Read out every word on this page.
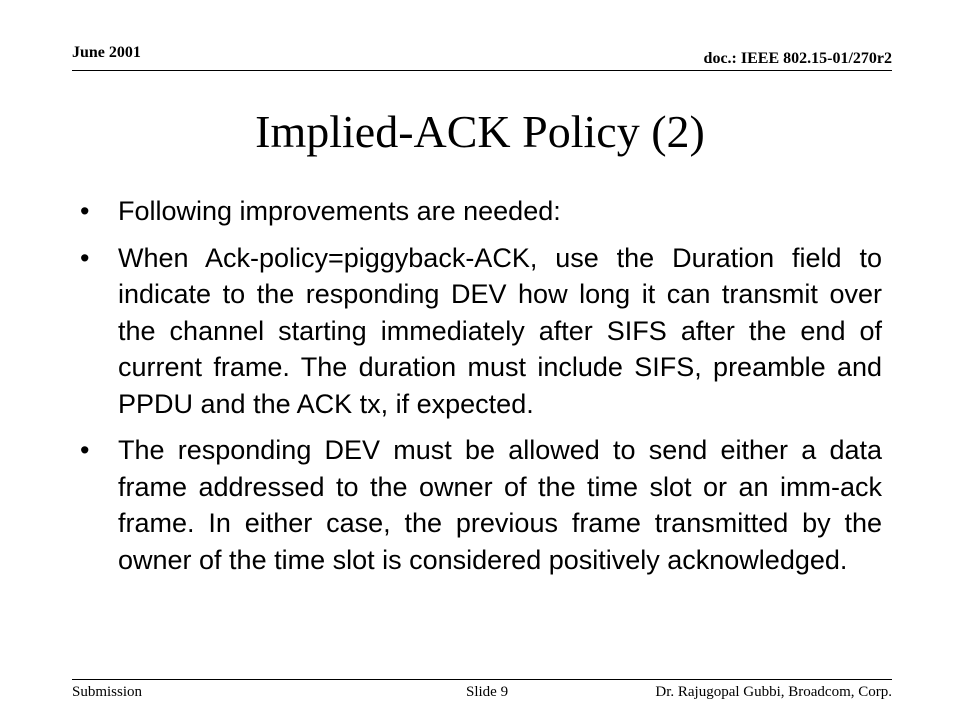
June 2001	doc.: IEEE 802.15-01/270r2
Implied-ACK Policy (2)
• Following improvements are needed:
• When Ack-policy=piggyback-ACK, use the Duration field to indicate to the responding DEV how long it can transmit over the channel starting immediately after SIFS after the end of current frame. The duration must include SIFS, preamble and PPDU and the ACK tx, if expected.
• The responding DEV must be allowed to send either a data frame addressed to the owner of the time slot or an imm-ack frame. In either case, the previous frame transmitted by the owner of the time slot is considered positively acknowledged.
Submission	Slide 9	Dr. Rajugopal Gubbi, Broadcom, Corp.
